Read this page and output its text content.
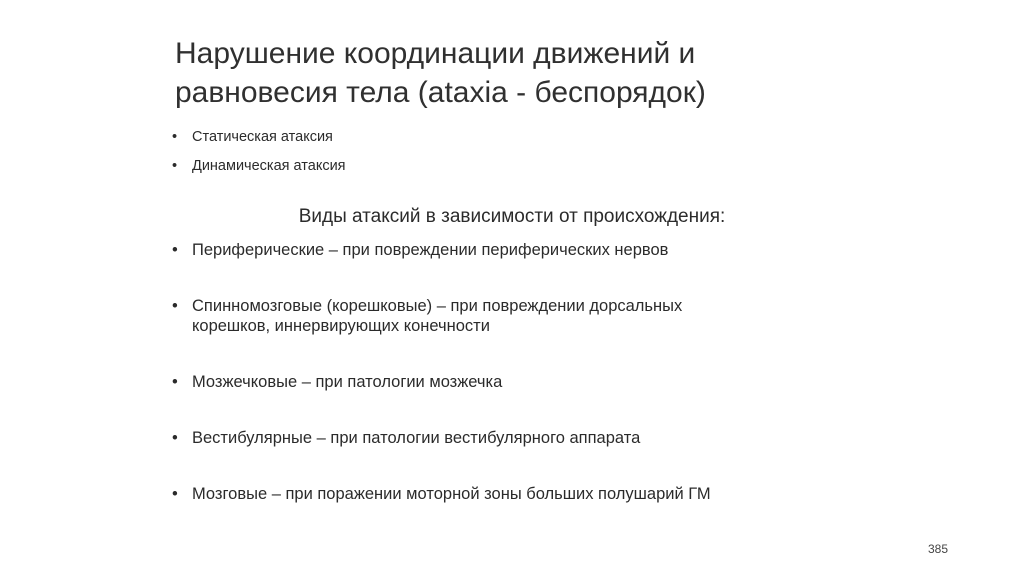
Нарушение координации движений и
равновесия тела (ataxia - беспорядок)
• Статическая атаксия
• Динамическая атаксия
Виды атаксий в зависимости от происхождения:
• Периферические – при повреждении периферических нервов
• Спинномозговые (корешковые) – при повреждении дорсальных
корешков, иннервирующих конечности
• Мозжечковые – при патологии мозжечка
• Вестибулярные – при патологии вестибулярного аппарата
• Мозговые – при поражении моторной зоны больших полушарий ГМ
385
